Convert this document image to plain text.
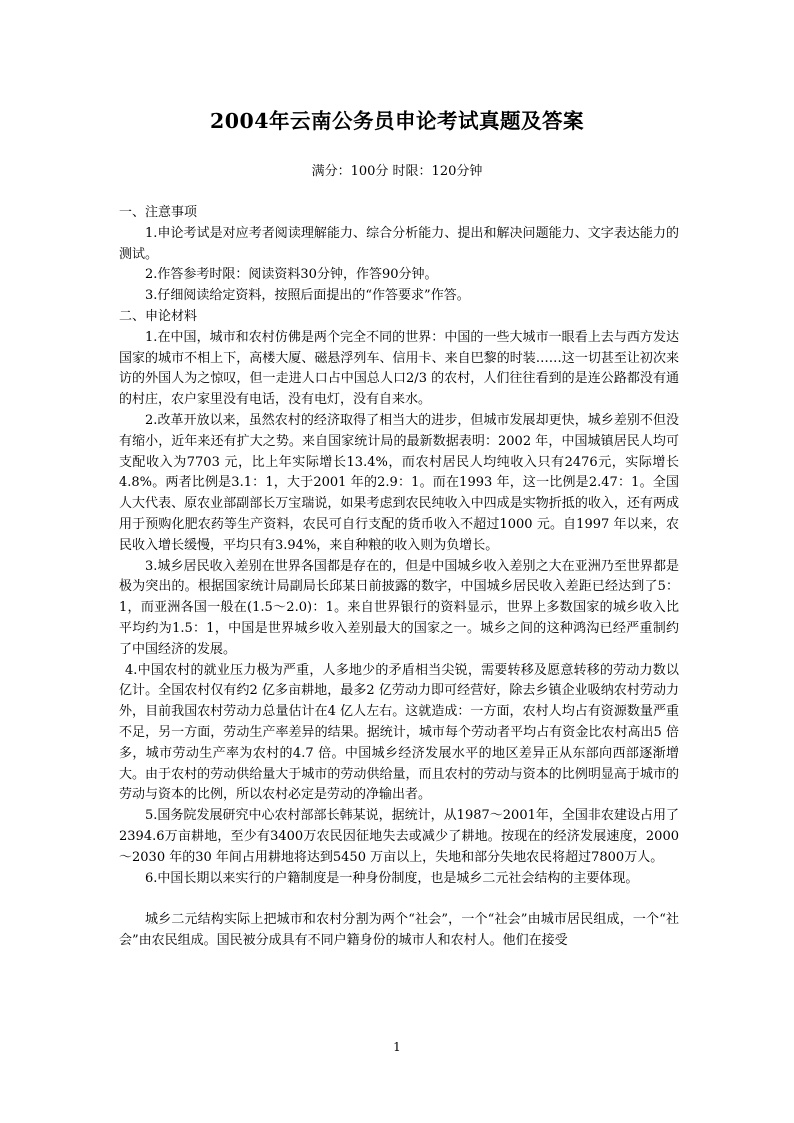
2004年云南公务员申论考试真题及答案
满分：100分 时限：120分钟

一、注意事项

1.申论考试是对应考者阅读理解能力、综合分析能力、提出和解决问题能力、文字表达能力的测试。

2.作答参考时限：阅读资料30分钟，作答90分钟。

3.仔细阅读给定资料，按照后面提出的“作答要求”作答。

二、申论材料

1.在中国，城市和农村仿佛是两个完全不同的世界：中国的一些大城市一眼看上去与西方发达国家的城市不相上下，高楼大厦、磁悬浮列车、信用卡、来自巴黎的时装……这一切甚至让初次来访的外国人为之惊叹，但一走进人口占中国总人口2/3 的农村，人们往往看到的是连公路都没有通的村庄，农户家里没有电话，没有电灯，没有自来水。

2.改革开放以来，虽然农村的经济取得了相当大的进步，但城市发展却更快，城乡差别不但没有缩小，近年来还有扩大之势。来自国家统计局的最新数据表明：2002 年，中国城镇居民人均可支配收入为7703 元，比上年实际增长13.4%，而农村居民人均纯收入只有2476元，实际增长4.8%。两者比例是3.1：1，大于2001 年的2.9：1。而在1993 年，这一比例是2.47：1。全国人大代表、原农业部副部长万宝瑞说，如果考虑到农民纯收入中四成是实物折抵的收入，还有两成用于预购化肥农药等生产资料，农民可自行支配的货币收入不超过1000 元。自1997 年以来，农民收入增长缓慢，平均只有3.94%，来自种粮的收入则为负增长。

3.城乡居民收入差别在世界各国都是存在的，但是中国城乡收入差别之大在亚洲乃至世界都是极为突出的。根据国家统计局副局长邱某日前披露的数字，中国城乡居民收入差距已经达到了5：1，而亚洲各国一般在(1.5～2.0)：1。来自世界银行的资料显示，世界上多数国家的城乡收入比平均约为1.5：1，中国是世界城乡收入差别最大的国家之一。城乡之间的这种鸿沟已经严重制约了中国经济的发展。

4.中国农村的就业压力极为严重，人多地少的矛盾相当尖锐，需要转移及愿意转移的劳动力数以亿计。全国农村仅有约2 亿多亩耕地，最多2 亿劳动力即可经营好，除去乡镇企业吸纳农村劳动力外，目前我国农村劳动力总量估计在4 亿人左右。这就造成：一方面，农村人均占有资源数量严重不足，另一方面，劳动生产率差异的结果。据统计，城市每个劳动者平均占有资金比农村高出5 倍多，城市劳动生产率为农村的4.7 倍。中国城乡经济发展水平的地区差异正从东部向西部逐渐增大。由于农村的劳动供给量大于城市的劳动供给量，而且农村的劳动与资本的比例明显高于城市的劳动与资本的比例，所以农村必定是劳动的净输出者。

5.国务院发展研究中心农村部部长韩某说，据统计，从1987～2001年，全国非农建设占用了2394.6万亩耕地，至少有3400万农民因征地失去或减少了耕地。按现在的经济发展速度，2000～2030 年的30 年间占用耕地将达到5450 万亩以上，失地和部分失地农民将超过7800万人。

6.中国长期以来实行的户籍制度是一种身份制度，也是城乡二元社会结构的主要体现。

城乡二元结构实际上把城市和农村分割为两个“社会”，一个“社会”由城市居民组成，一个“社会”由农民组成。国民被分成具有不同户籍身份的城市人和农村人。他们在接受

1
